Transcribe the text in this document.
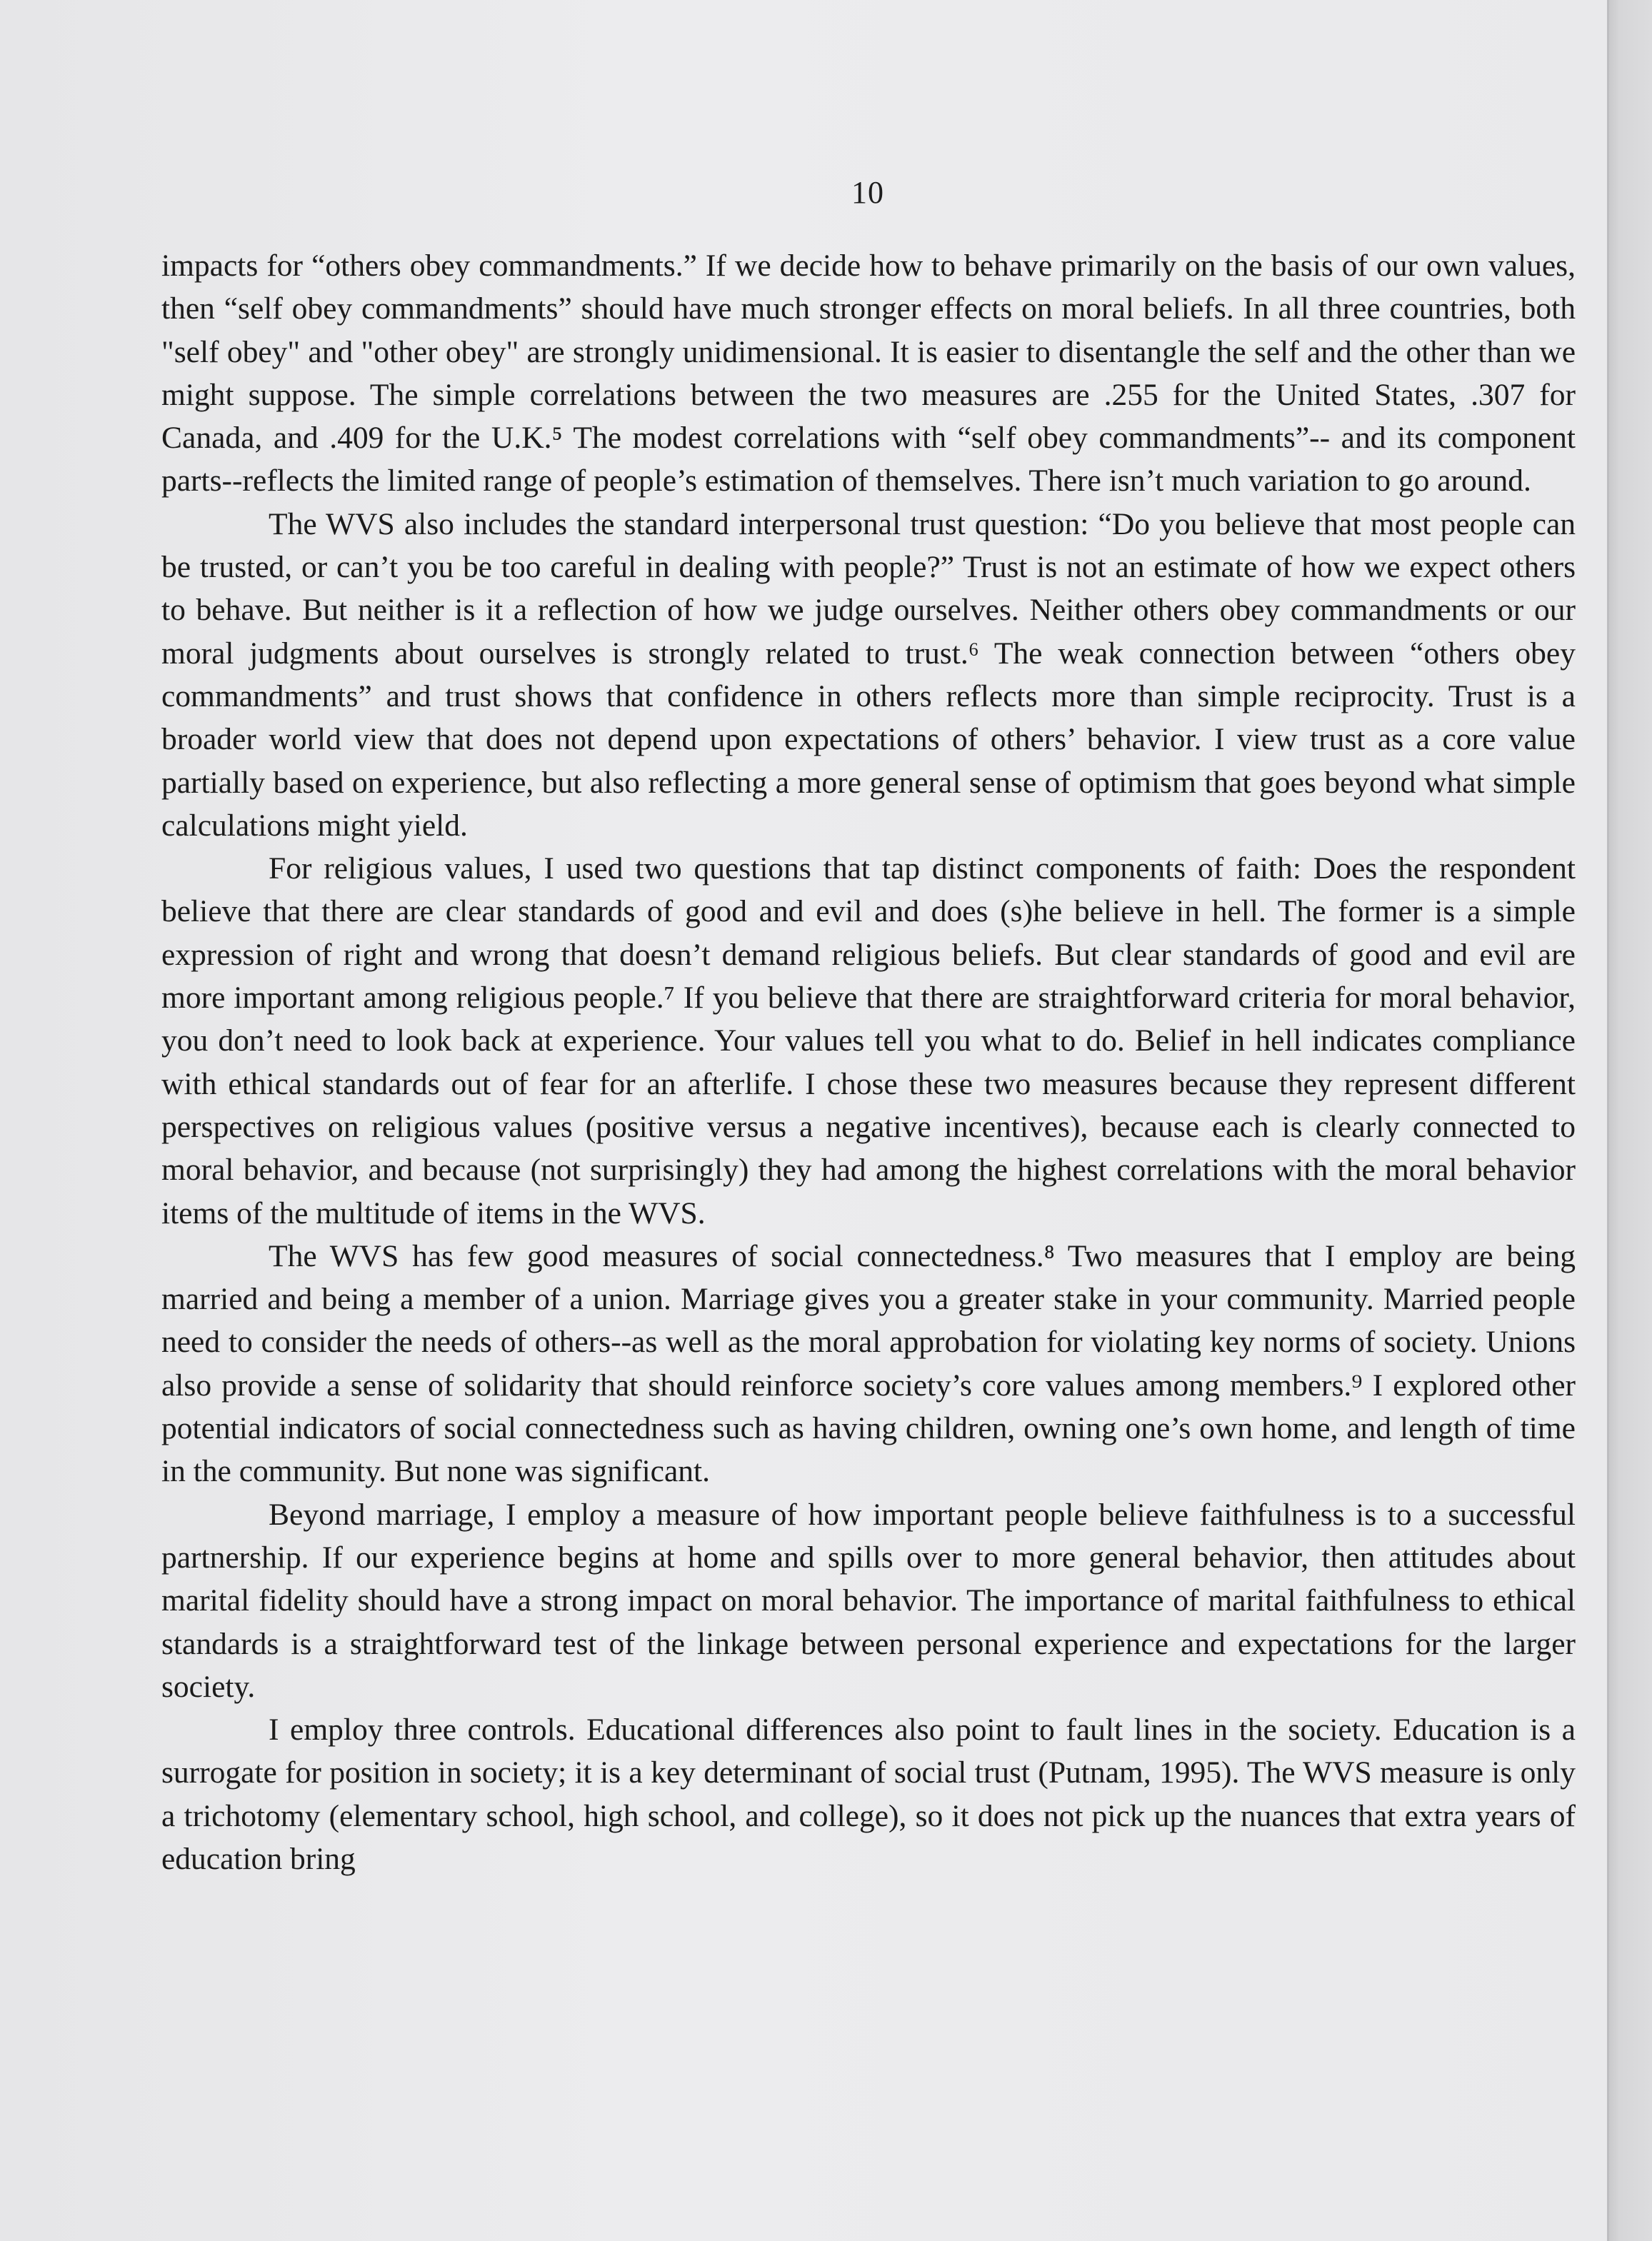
10

impacts for “others obey commandments.” If we decide how to behave primarily on the basis of our own values, then “self obey commandments” should have much stronger effects on moral beliefs. In all three countries, both "self obey" and "other obey" are strongly unidimensional. It is easier to disentangle the self and the other than we might suppose. The simple correlations between the two measures are .255 for the United States, .307 for Canada, and .409 for the U.K.⁵ The modest correlations with “self obey commandments”-- and its component parts--reflects the limited range of people’s estimation of themselves. There isn’t much variation to go around.

The WVS also includes the standard interpersonal trust question: “Do you believe that most people can be trusted, or can’t you be too careful in dealing with people?” Trust is not an estimate of how we expect others to behave. But neither is it a reflection of how we judge ourselves. Neither others obey commandments or our moral judgments about ourselves is strongly related to trust.⁶ The weak connection between “others obey commandments” and trust shows that confidence in others reflects more than simple reciprocity. Trust is a broader world view that does not depend upon expectations of others’ behavior. I view trust as a core value partially based on experience, but also reflecting a more general sense of optimism that goes beyond what simple calculations might yield.

For religious values, I used two questions that tap distinct components of faith: Does the respondent believe that there are clear standards of good and evil and does (s)he believe in hell. The former is a simple expression of right and wrong that doesn’t demand religious beliefs. But clear standards of good and evil are more important among religious people.⁷ If you believe that there are straightforward criteria for moral behavior, you don’t need to look back at experience. Your values tell you what to do. Belief in hell indicates compliance with ethical standards out of fear for an afterlife. I chose these two measures because they represent different perspectives on religious values (positive versus a negative incentives), because each is clearly connected to moral behavior, and because (not surprisingly) they had among the highest correlations with the moral behavior items of the multitude of items in the WVS.

The WVS has few good measures of social connectedness.⁸ Two measures that I employ are being married and being a member of a union. Marriage gives you a greater stake in your community. Married people need to consider the needs of others--as well as the moral approbation for violating key norms of society. Unions also provide a sense of solidarity that should reinforce society’s core values among members.⁹ I explored other potential indicators of social connectedness such as having children, owning one’s own home, and length of time in the community. But none was significant.

Beyond marriage, I employ a measure of how important people believe faithfulness is to a successful partnership. If our experience begins at home and spills over to more general behavior, then attitudes about marital fidelity should have a strong impact on moral behavior. The importance of marital faithfulness to ethical standards is a straightforward test of the linkage between personal experience and expectations for the larger society.

I employ three controls. Educational differences also point to fault lines in the society. Education is a surrogate for position in society; it is a key determinant of social trust (Putnam, 1995). The WVS measure is only a trichotomy (elementary school, high school, and college), so it does not pick up the nuances that extra years of education bring
